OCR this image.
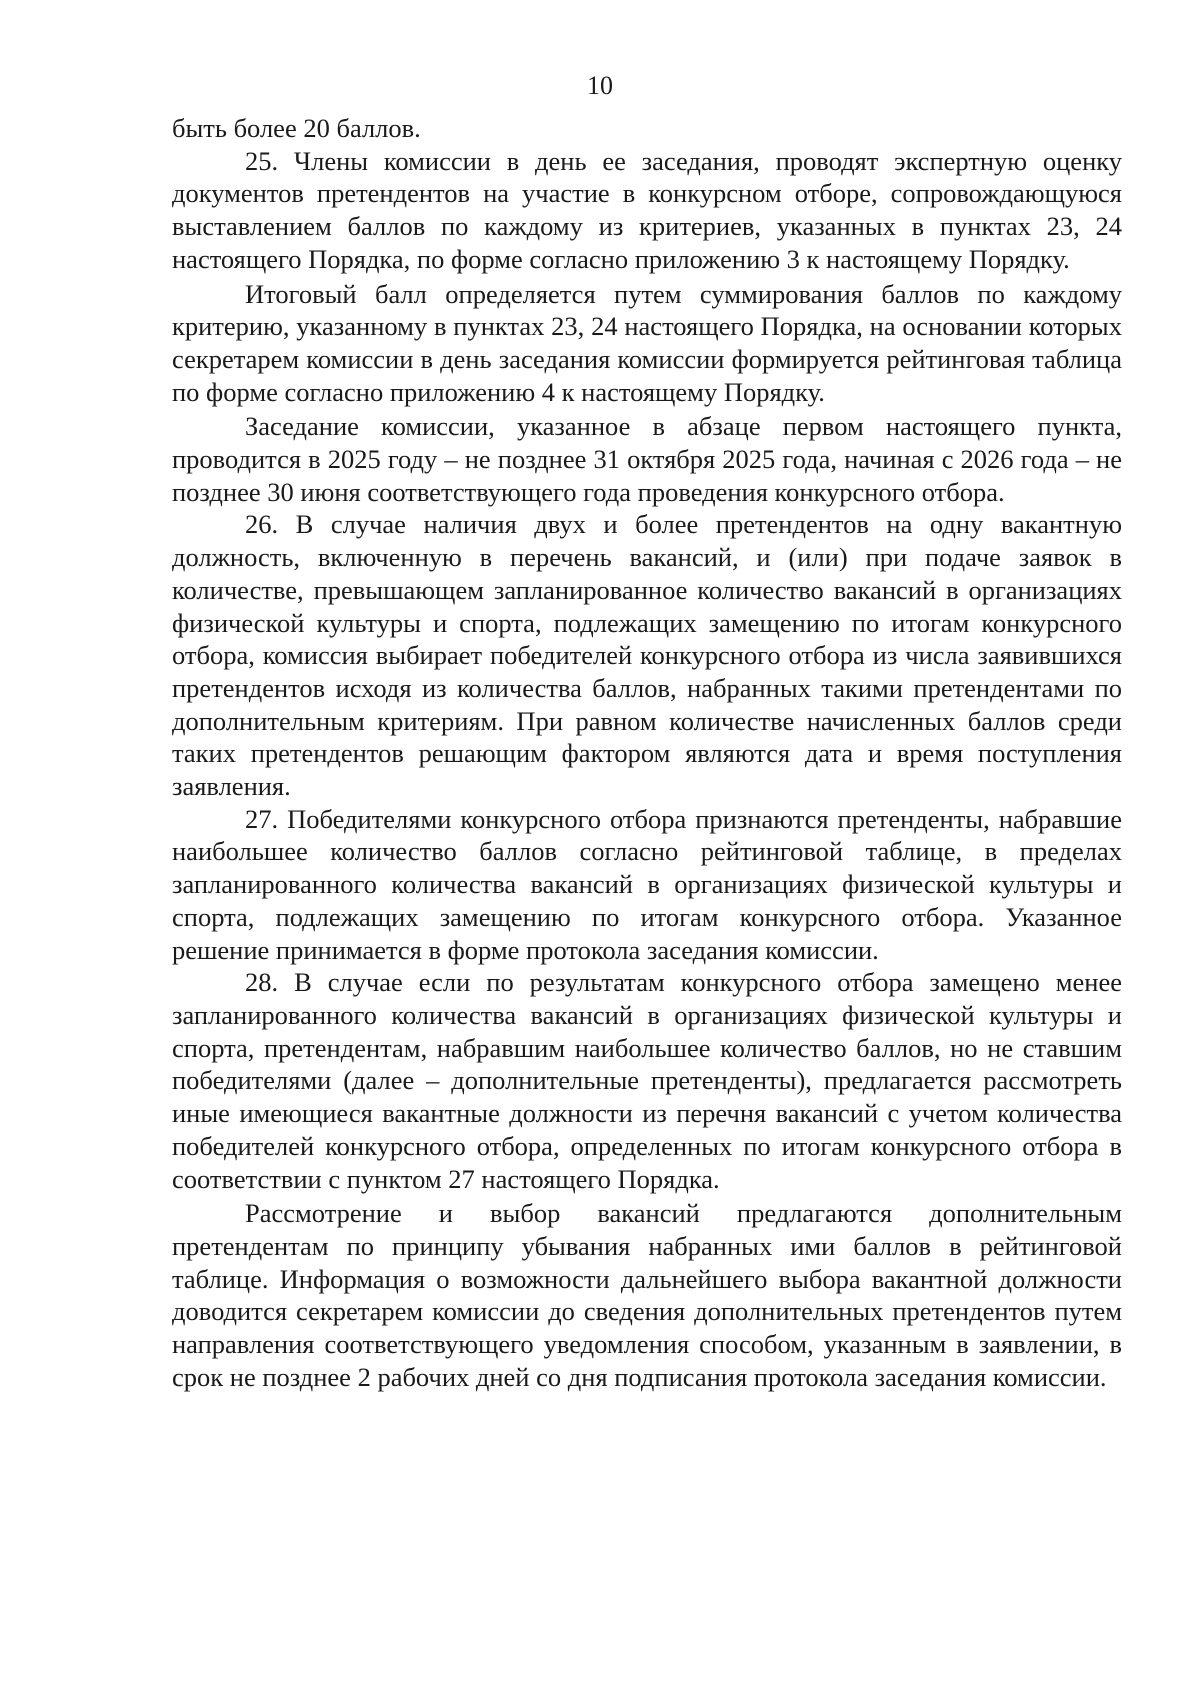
10

быть более 20 баллов.

25. Члены комиссии в день ее заседания, проводят экспертную оценку документов претендентов на участие в конкурсном отборе, сопровождающуюся выставлением баллов по каждому из критериев, указанных в пунктах 23, 24 настоящего Порядка, по форме согласно приложению 3 к настоящему Порядку.

Итоговый балл определяется путем суммирования баллов по каждому критерию, указанному в пунктах 23, 24 настоящего Порядка, на основании которых секретарем комиссии в день заседания комиссии формируется рейтинговая таблица по форме согласно приложению 4 к настоящему Порядку.

Заседание комиссии, указанное в абзаце первом настоящего пункта, проводится в 2025 году – не позднее 31 октября 2025 года, начиная с 2026 года – не позднее 30 июня соответствующего года проведения конкурсного отбора.

26. В случае наличия двух и более претендентов на одну вакантную должность, включенную в перечень вакансий, и (или) при подаче заявок в количестве, превышающем запланированное количество вакансий в организациях физической культуры и спорта, подлежащих замещению по итогам конкурсного отбора, комиссия выбирает победителей конкурсного отбора из числа заявившихся претендентов исходя из количества баллов, набранных такими претендентами по дополнительным критериям. При равном количестве начисленных баллов среди таких претендентов решающим фактором являются дата и время поступления заявления.

27. Победителями конкурсного отбора признаются претенденты, набравшие наибольшее количество баллов согласно рейтинговой таблице, в пределах запланированного количества вакансий в организациях физической культуры и спорта, подлежащих замещению по итогам конкурсного отбора. Указанное решение принимается в форме протокола заседания комиссии.

28. В случае если по результатам конкурсного отбора замещено менее запланированного количества вакансий в организациях физической культуры и спорта, претендентам, набравшим наибольшее количество баллов, но не ставшим победителями (далее – дополнительные претенденты), предлагается рассмотреть иные имеющиеся вакантные должности из перечня вакансий с учетом количества победителей конкурсного отбора, определенных по итогам конкурсного отбора в соответствии с пунктом 27 настоящего Порядка.

Рассмотрение и выбор вакансий предлагаются дополнительным претендентам по принципу убывания набранных ими баллов в рейтинговой таблице. Информация о возможности дальнейшего выбора вакантной должности доводится секретарем комиссии до сведения дополнительных претендентов путем направления соответствующего уведомления способом, указанным в заявлении, в срок не позднее 2 рабочих дней со дня подписания протокола заседания комиссии.
